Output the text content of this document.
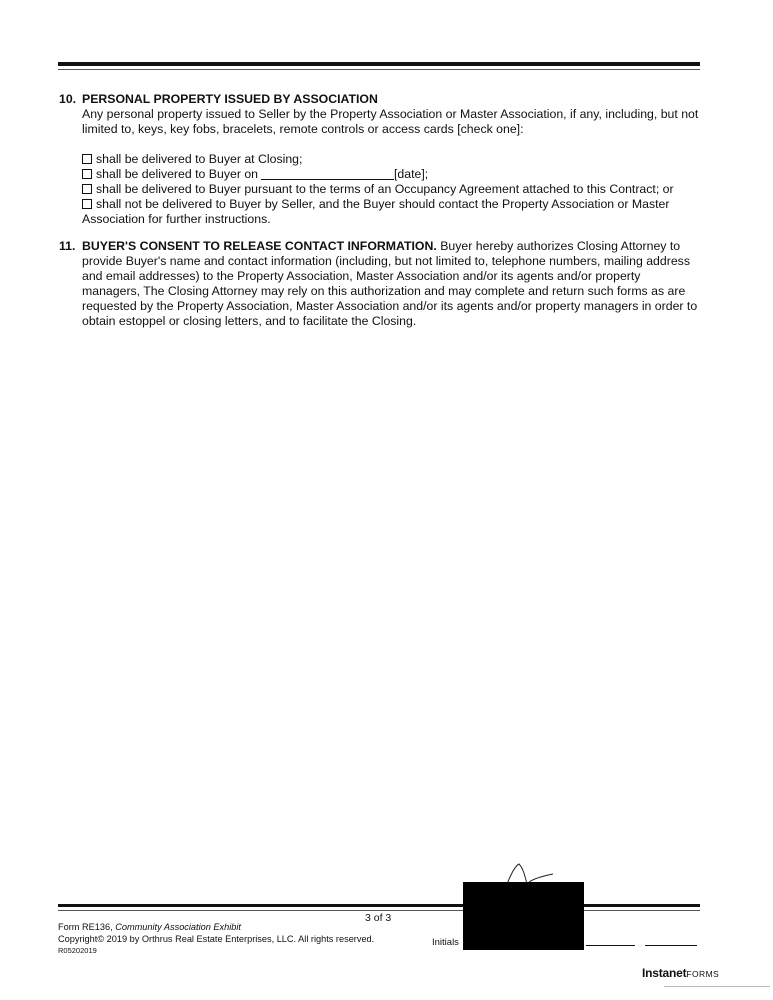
10. PERSONAL PROPERTY ISSUED BY ASSOCIATION
Any personal property issued to Seller by the Property Association or Master Association, if any, including, but not limited to, keys, key fobs, bracelets, remote controls or access cards [check one]:
shall be delivered to Buyer at Closing;
shall be delivered to Buyer on	[date];
shall be delivered to Buyer pursuant to the terms of an Occupancy Agreement attached to this Contract; or
shall not be delivered to Buyer by Seller, and the Buyer should contact the Property Association or Master Association for further instructions.
11. BUYER'S CONSENT TO RELEASE CONTACT INFORMATION. Buyer hereby authorizes Closing Attorney to provide Buyer's name and contact information (including, but not limited to, telephone numbers, mailing address and email addresses) to the Property Association, Master Association and/or its agents and/or property managers, The Closing Attorney may rely on this authorization and may complete and return such forms as are requested by the Property Association, Master Association and/or its agents and/or property managers in order to obtain estoppel or closing letters, and to facilitate the Closing.
3 of 3
Form RE136, Community Association Exhibit
Copyright© 2019 by Orthrus Real Estate Enterprises, LLC. All rights reserved.
R05202019
Initials
InstanetFORMS
